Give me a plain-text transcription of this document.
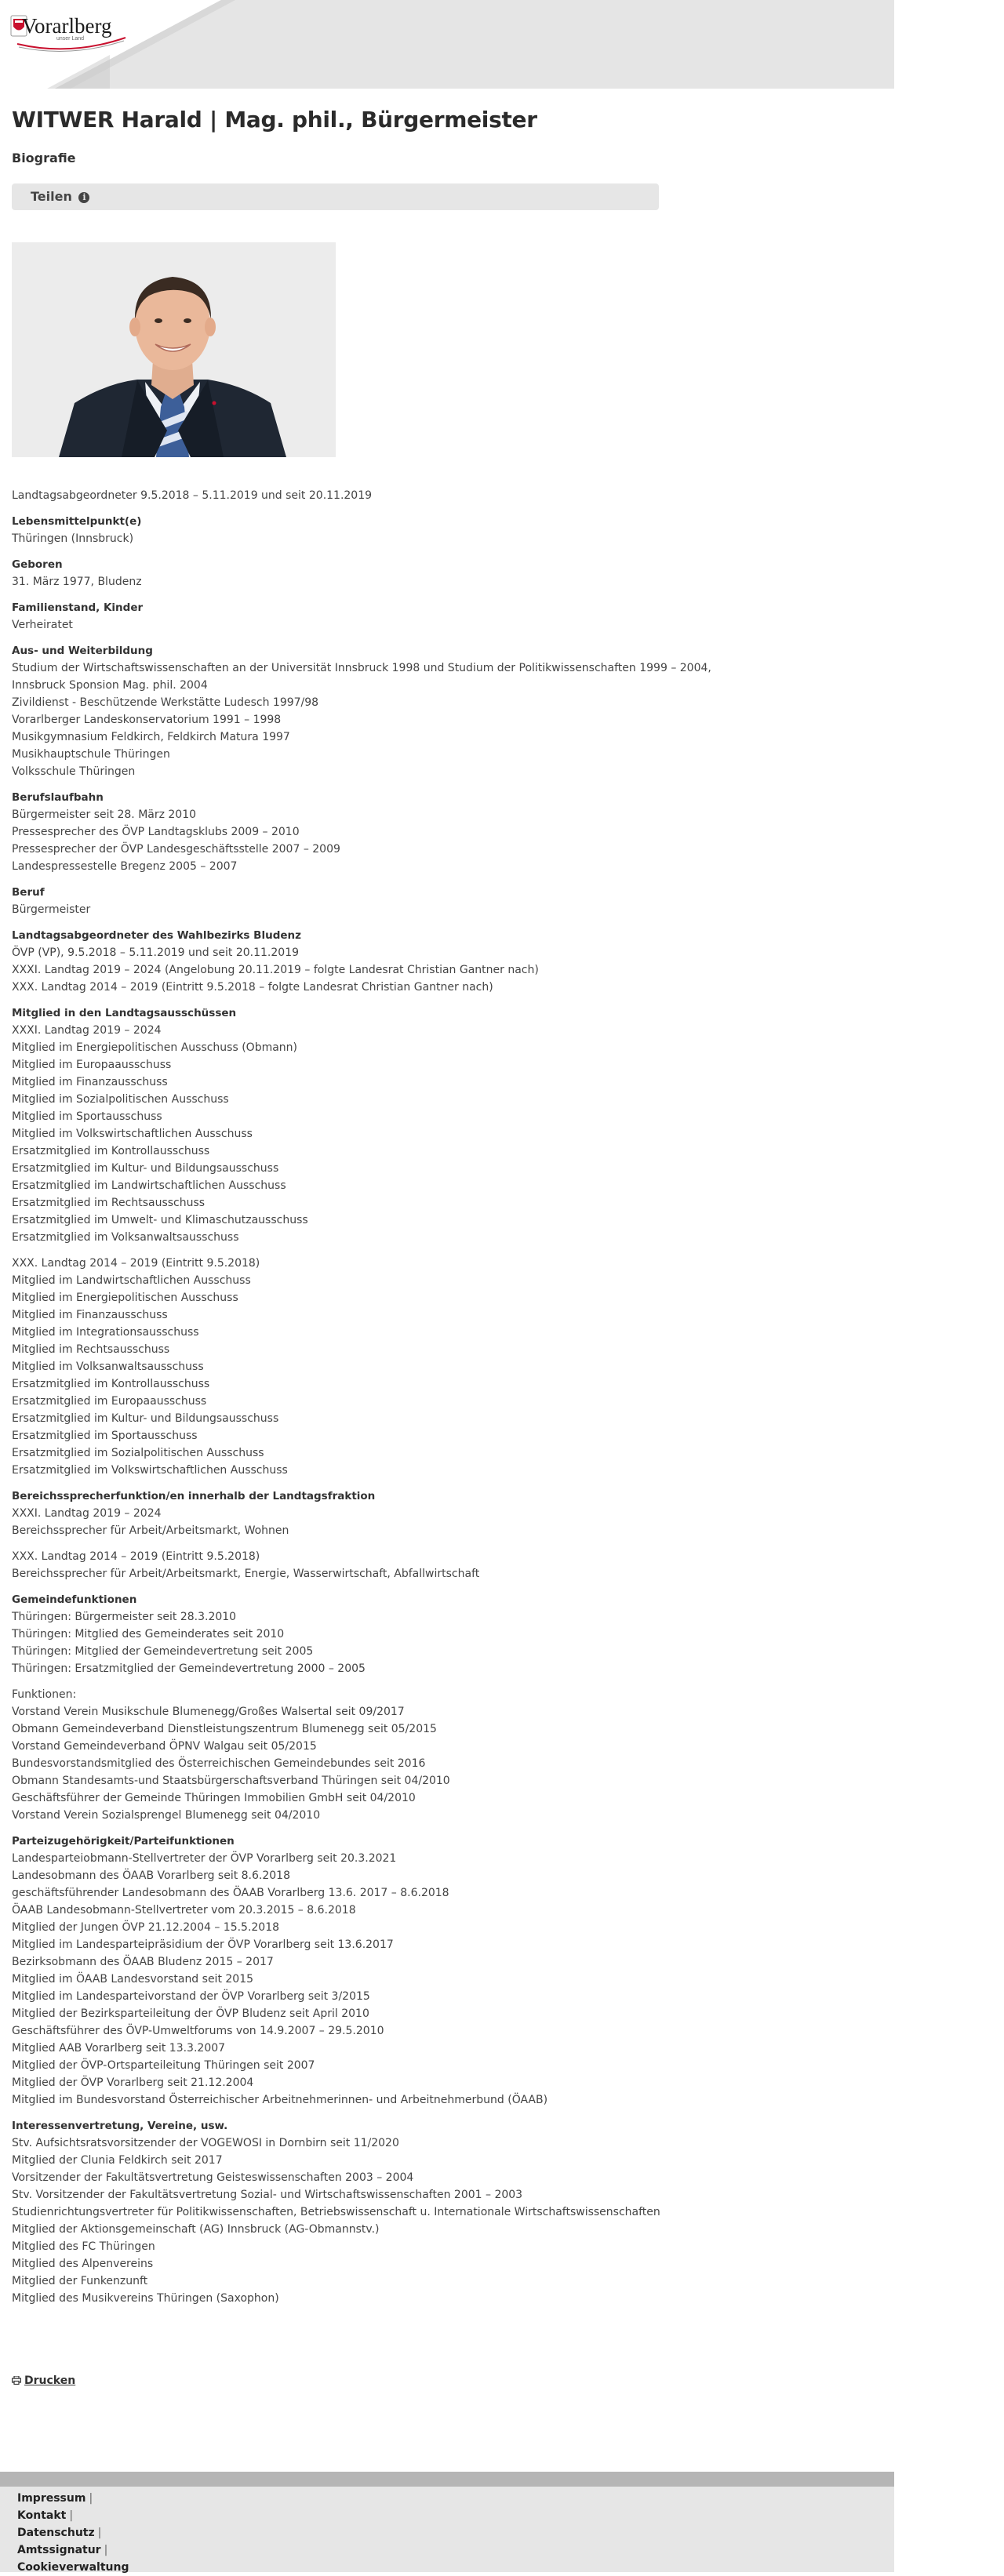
Vorarlberg
unser Land
WITWER Harald | Mag. phil., Bürgermeister
Biografie
Teilen i
Landtagsabgeordneter 9.5.2018 – 5.11.2019 und seit 20.11.2019
Lebensmittelpunkt(e)
Thüringen (Innsbruck)
Geboren
31. März 1977, Bludenz
Familienstand, Kinder
Verheiratet
Aus- und Weiterbildung
Studium der Wirtschaftswissenschaften an der Universität Innsbruck 1998 und Studium der Politikwissenschaften 1999 – 2004,
Innsbruck Sponsion Mag. phil. 2004
Zivildienst - Beschützende Werkstätte Ludesch 1997/98
Vorarlberger Landeskonservatorium 1991 – 1998
Musikgymnasium Feldkirch, Feldkirch Matura 1997
Musikhauptschule Thüringen
Volksschule Thüringen
Berufslaufbahn
Bürgermeister seit 28. März 2010
Pressesprecher des ÖVP Landtagsklubs 2009 – 2010
Pressesprecher der ÖVP Landesgeschäftsstelle 2007 – 2009
Landespressestelle Bregenz 2005 – 2007
Beruf
Bürgermeister
Landtagsabgeordneter des Wahlbezirks Bludenz
ÖVP (VP), 9.5.2018 – 5.11.2019 und seit 20.11.2019
XXXI. Landtag 2019 – 2024 (Angelobung 20.11.2019 – folgte Landesrat Christian Gantner nach)
XXX. Landtag 2014 – 2019 (Eintritt 9.5.2018 – folgte Landesrat Christian Gantner nach)
Mitglied in den Landtagsausschüssen
XXXI. Landtag 2019 – 2024
Mitglied im Energiepolitischen Ausschuss (Obmann)
Mitglied im Europaausschuss
Mitglied im Finanzausschuss
Mitglied im Sozialpolitischen Ausschuss
Mitglied im Sportausschuss
Mitglied im Volkswirtschaftlichen Ausschuss
Ersatzmitglied im Kontrollausschuss
Ersatzmitglied im Kultur- und Bildungsausschuss
Ersatzmitglied im Landwirtschaftlichen Ausschuss
Ersatzmitglied im Rechtsausschuss
Ersatzmitglied im Umwelt- und Klimaschutzausschuss
Ersatzmitglied im Volksanwaltsausschuss
XXX. Landtag 2014 – 2019 (Eintritt 9.5.2018)
Mitglied im Landwirtschaftlichen Ausschuss
Mitglied im Energiepolitischen Ausschuss
Mitglied im Finanzausschuss
Mitglied im Integrationsausschuss
Mitglied im Rechtsausschuss
Mitglied im Volksanwaltsausschuss
Ersatzmitglied im Kontrollausschuss
Ersatzmitglied im Europaausschuss
Ersatzmitglied im Kultur- und Bildungsausschuss
Ersatzmitglied im Sportausschuss
Ersatzmitglied im Sozialpolitischen Ausschuss
Ersatzmitglied im Volkswirtschaftlichen Ausschuss
Bereichssprecherfunktion/en innerhalb der Landtagsfraktion
XXXI. Landtag 2019 – 2024
Bereichssprecher für Arbeit/Arbeitsmarkt, Wohnen
XXX. Landtag 2014 – 2019 (Eintritt 9.5.2018)
Bereichssprecher für Arbeit/Arbeitsmarkt, Energie, Wasserwirtschaft, Abfallwirtschaft
Gemeindefunktionen
Thüringen: Bürgermeister seit 28.3.2010
Thüringen: Mitglied des Gemeinderates seit 2010
Thüringen: Mitglied der Gemeindevertretung seit 2005
Thüringen: Ersatzmitglied der Gemeindevertretung 2000 – 2005
Funktionen:
Vorstand Verein Musikschule Blumenegg/Großes Walsertal seit 09/2017
Obmann Gemeindeverband Dienstleistungszentrum Blumenegg seit 05/2015
Vorstand Gemeindeverband ÖPNV Walgau seit 05/2015
Bundesvorstandsmitglied des Österreichischen Gemeindebundes seit 2016
Obmann Standesamts-und Staatsbürgerschaftsverband Thüringen seit 04/2010
Geschäftsführer der Gemeinde Thüringen Immobilien GmbH seit 04/2010
Vorstand Verein Sozialsprengel Blumenegg seit 04/2010
Parteizugehörigkeit/Parteifunktionen
Landesparteiobmann-Stellvertreter der ÖVP Vorarlberg seit 20.3.2021
Landesobmann des ÖAAB Vorarlberg seit 8.6.2018
geschäftsführender Landesobmann des ÖAAB Vorarlberg 13.6. 2017 – 8.6.2018
ÖAAB Landesobmann-Stellvertreter vom 20.3.2015 – 8.6.2018
Mitglied der Jungen ÖVP 21.12.2004 – 15.5.2018
Mitglied im Landesparteipräsidium der ÖVP Vorarlberg seit 13.6.2017
Bezirksobmann des ÖAAB Bludenz 2015 – 2017
Mitglied im ÖAAB Landesvorstand seit 2015
Mitglied im Landesparteivorstand der ÖVP Vorarlberg seit 3/2015
Mitglied der Bezirksparteileitung der ÖVP Bludenz seit April 2010
Geschäftsführer des ÖVP-Umweltforums von 14.9.2007 – 29.5.2010
Mitglied AAB Vorarlberg seit 13.3.2007
Mitglied der ÖVP-Ortsparteileitung Thüringen seit 2007
Mitglied der ÖVP Vorarlberg seit 21.12.2004
Mitglied im Bundesvorstand Österreichischer Arbeitnehmerinnen- und Arbeitnehmerbund (ÖAAB)
Interessenvertretung, Vereine, usw.
Stv. Aufsichtsratsvorsitzender der VOGEWOSI in Dornbirn seit 11/2020
Mitglied der Clunia Feldkirch seit 2017
Vorsitzender der Fakultätsvertretung Geisteswissenschaften 2003 – 2004
Stv. Vorsitzender der Fakultätsvertretung Sozial- und Wirtschaftswissenschaften 2001 – 2003
Studienrichtungsvertreter für Politikwissenschaften, Betriebswissenschaft u. Internationale Wirtschaftswissenschaften
Mitglied der Aktionsgemeinschaft (AG) Innsbruck (AG-Obmannstv.)
Mitglied des FC Thüringen
Mitglied des Alpenvereins
Mitglied der Funkenzunft
Mitglied des Musikvereins Thüringen (Saxophon)
Drucken
Impressum |
Kontakt |
Datenschutz |
Amtssignatur |
Cookieverwaltung
